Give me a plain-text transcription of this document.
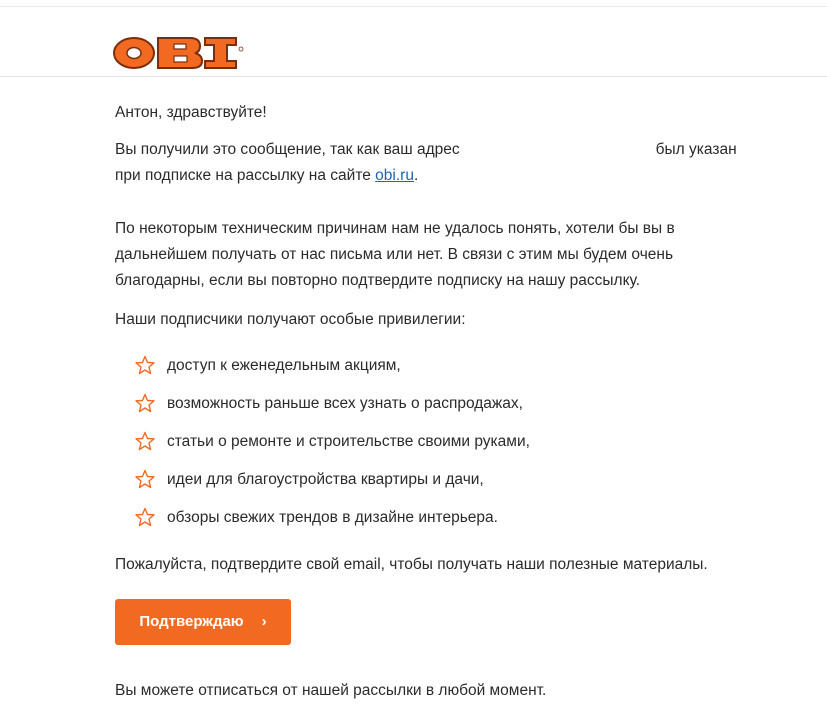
Антон, здравствуйте!

Вы получили это сообщение, так как ваш адрес	был указан
при подписке на рассылку на сайте obi.ru.

По некоторым техническим причинам нам не удалось понять, хотели бы вы в дальнейшем получать от нас письма или нет. В связи с этим мы будем очень благодарны, если вы повторно подтвердите подписку на нашу рассылку.

Наши подписчики получают особые привилегии:

доступ к еженедельным акциям,
возможность раньше всех узнать о распродажах,
статьи о ремонте и строительстве своими руками,
идеи для благоустройства квартиры и дачи,
обзоры свежих трендов в дизайне интерьера.

Пожалуйста, подтвердите свой email, чтобы получать наши полезные материалы.

Подтверждаю ›

Вы можете отписаться от нашей рассылки в любой момент.
